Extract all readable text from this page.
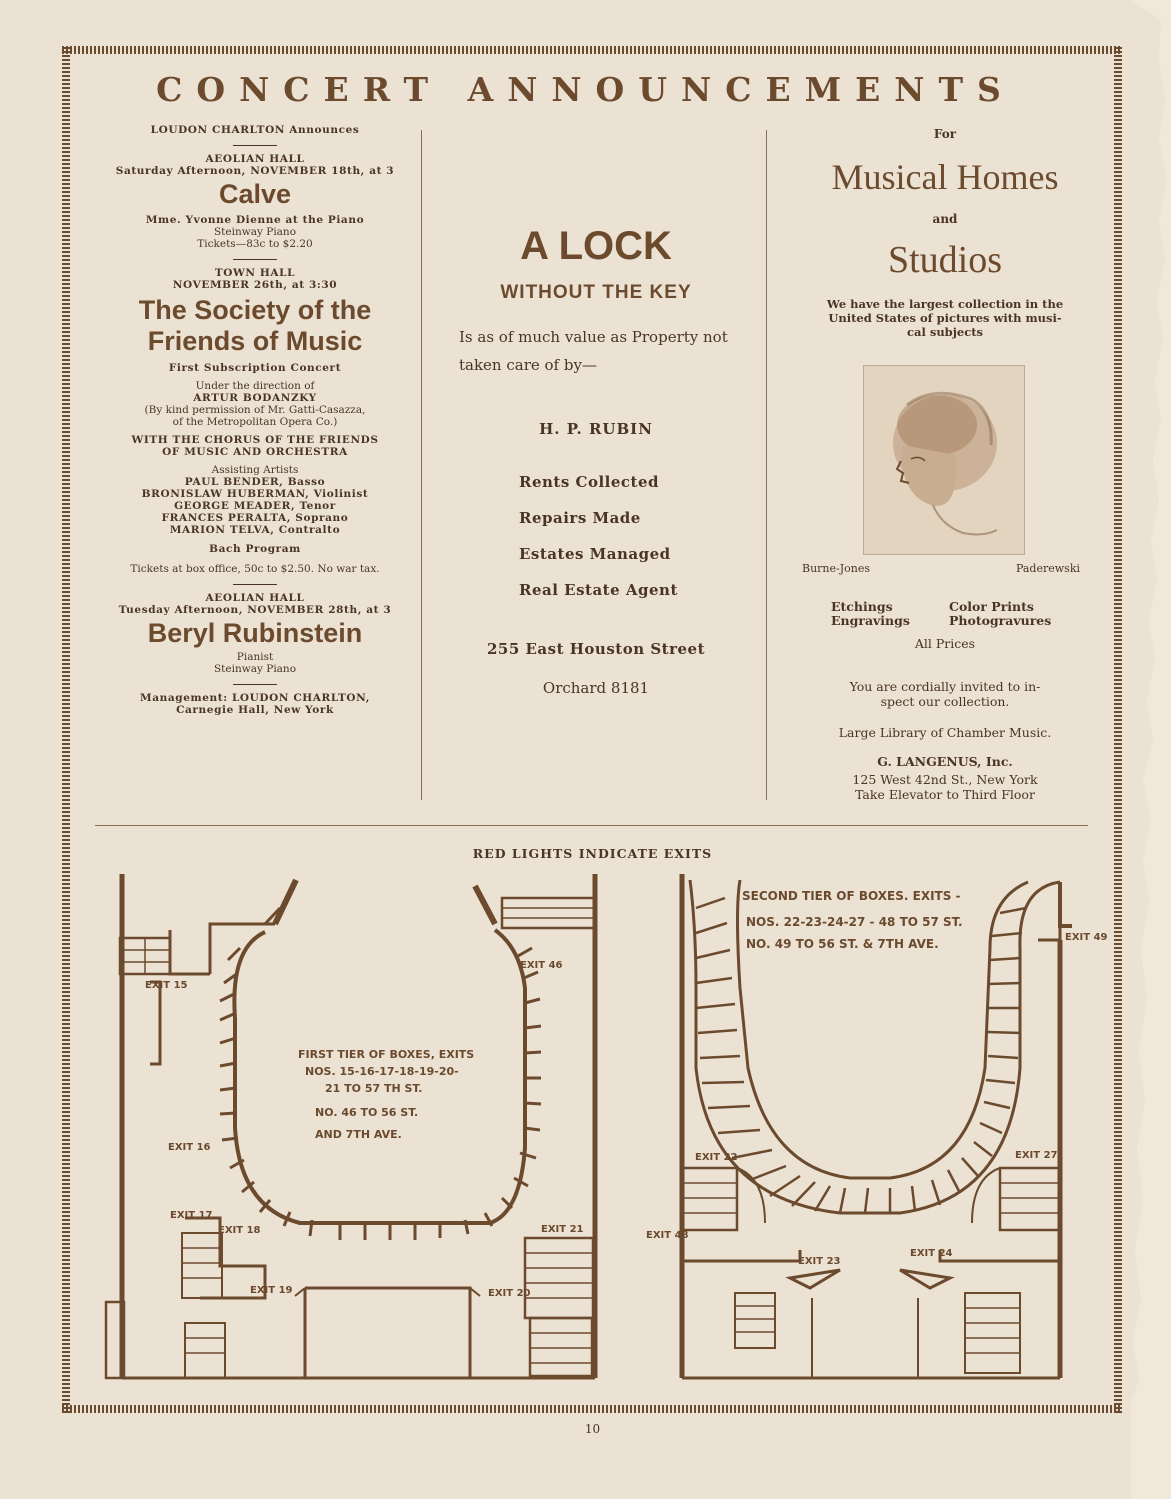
CONCERT ANNOUNCEMENTS
LOUDON CHARLTON Announces
AEOLIAN HALL
Saturday Afternoon, NOVEMBER 18th, at 3
Calve
Mme. Yvonne Dienne at the Piano
Steinway Piano
Tickets—83c to $2.20
TOWN HALL
NOVEMBER 26th, at 3:30
The Society of the
Friends of Music
First Subscription Concert
Under the direction of
ARTUR BODANZKY
(By kind permission of Mr. Gatti-Casazza,
of the Metropolitan Opera Co.)
WITH THE CHORUS OF THE FRIENDS
OF MUSIC AND ORCHESTRA
Assisting Artists
PAUL BENDER, Basso
BRONISLAW HUBERMAN, Violinist
GEORGE MEADER, Tenor
FRANCES PERALTA, Soprano
MARION TELVA, Contralto
Bach Program
Tickets at box office, 50c to $2.50. No war tax.
AEOLIAN HALL
Tuesday Afternoon, NOVEMBER 28th, at 3
Beryl Rubinstein
Pianist
Steinway Piano
Management: LOUDON CHARLTON,
Carnegie Hall, New York
A LOCK
WITHOUT THE KEY
Is as of much value as Property not
taken care of by—
H. P. RUBIN
Rents Collected
Repairs Made
Estates Managed
Real Estate Agent
255 East Houston Street
Orchard 8181
For
Musical Homes
and
Studios
We have the largest collection in the
United States of pictures with musi-
cal subjects
Burne-Jones	Paderewski
Etchings
Engravings
Color Prints
Photogravures
All Prices
You are cordially invited to in-
spect our collection.
Large Library of Chamber Music.
G. LANGENUS, Inc.
125 West 42nd St., New York
Take Elevator to Third Floor
RED LIGHTS INDICATE EXITS
FIRST TIER OF BOXES, EXITS
NOS. 15-16-17-18-19-20-
21 TO 57 TH ST.
NO. 46 TO 56 ST.
AND 7TH AVE.
EXIT 15
EXIT 16
EXIT 17
EXIT 18
EXIT 19	EXIT 20
EXIT 21
EXIT 46
SECOND TIER OF BOXES. EXITS -
NOS. 22-23-24-27 - 48 TO 57 ST.
NO. 49 TO 56 ST. & 7TH AVE.	EXIT 49
EXIT 27
EXIT 22
EXIT 48
EXIT 23
EXIT 24
10
